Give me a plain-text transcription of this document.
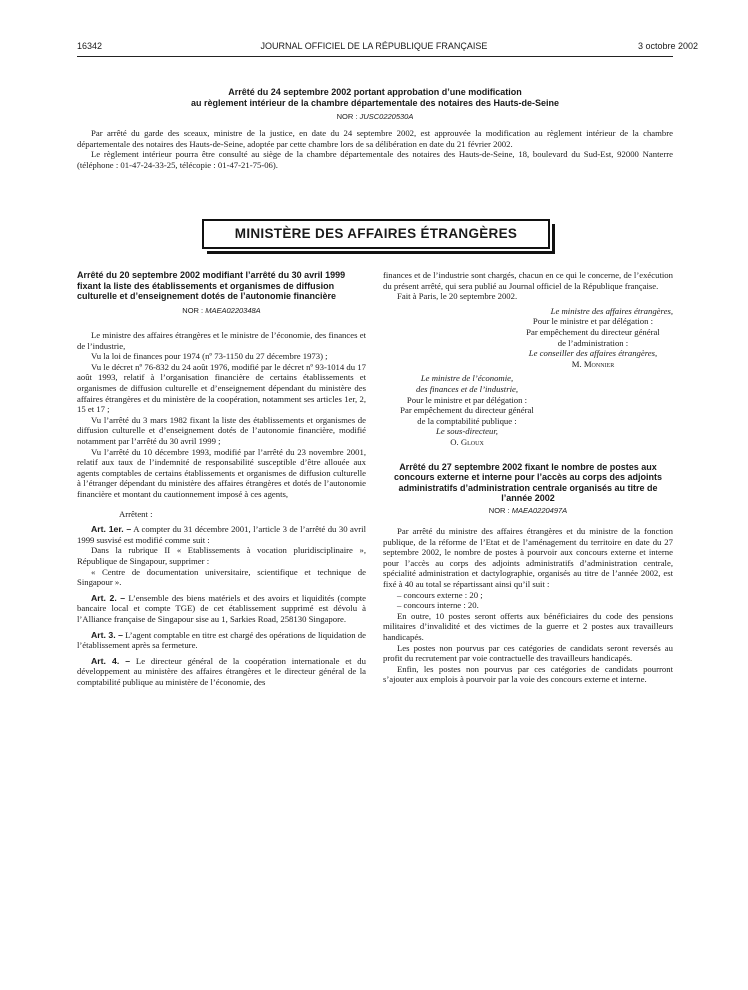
16342	JOURNAL OFFICIEL DE LA RÉPUBLIQUE FRANÇAISE	3 octobre 2002
Arrêté du 24 septembre 2002 portant approbation d’une modification
au règlement intérieur de la chambre départementale des notaires des Hauts-de-Seine
NOR : JUSC0220530A

Par arrêté du garde des sceaux, ministre de la justice, en date du 24 septembre 2002, est approuvée la modification au règlement intérieur de la chambre départementale des notaires des Hauts-de-Seine, adoptée par cette chambre lors de sa délibération en date du 21 février 2002.

Le règlement intérieur pourra être consulté au siège de la chambre départementale des notaires des Hauts-de-Seine, 18, boulevard du Sud-Est, 92000 Nanterre (téléphone : 01-47-24-33-25, télécopie : 01-47-21-75-06).

MINISTÈRE DES AFFAIRES ÉTRANGÈRES

Arrêté du 20 septembre 2002 modifiant l’arrêté du 30 avril 1999 fixant la liste des établissements et organismes de diffusion culturelle et d’enseignement dotés de l’autonomie financière

NOR : MAEA0220348A

Le ministre des affaires étrangères et le ministre de l’économie, des finances et de l’industrie,

Vu la loi de finances pour 1974 (nº 73-1150 du 27 décembre 1973) ;

Vu le décret nº 76-832 du 24 août 1976, modifié par le décret nº 93-1014 du 17 août 1993, relatif à l’organisation financière de certains établissements et organismes de diffusion culturelle et d’enseignement dépendant du ministère des affaires étrangères et du ministère de la coopération, notamment ses articles 1er, 2, 15 et 17 ;

Vu l’arrêté du 3 mars 1982 fixant la liste des établissements et organismes de diffusion culturelle et d’enseignement dotés de l’autonomie financière, modifié notamment par l’arrêté du 30 avril 1999 ;

Vu l’arrêté du 10 décembre 1993, modifié par l’arrêté du 23 novembre 2001, relatif aux taux de l’indemnité de responsabilité susceptible d’être allouée aux agents comptables de certains établissements et organismes de diffusion culturelle à l’étranger dépendant du ministère des affaires étrangères et dotés de l’autonomie financière et montant du cautionnement imposé à ces agents,

Arrêtent :

Art. 1er. – A compter du 31 décembre 2001, l’article 3 de l’arrêté du 30 avril 1999 susvisé est modifié comme suit :

Dans la rubrique II « Etablissements à vocation pluridisciplinaire », République de Singapour, supprimer :

« Centre de documentation universitaire, scientifique et technique de Singapour ».

Art. 2. – L’ensemble des biens matériels et des avoirs et liquidités (compte bancaire local et compte TGE) de cet établissement supprimé est dévolu à l’Alliance française de Singapour sise au 1, Sarkies Road, 258130 Singapore.

Art. 3. – L’agent comptable en titre est chargé des opérations de liquidation de l’établissement après sa fermeture.

Art. 4. – Le directeur général de la coopération internationale et du développement au ministère des affaires étrangères et le directeur général de la comptabilité publique au ministère de l’économie, des

finances et de l’industrie sont chargés, chacun en ce qui le concerne, de l’exécution du présent arrêté, qui sera publié au Journal officiel de la République française.

Fait à Paris, le 20 septembre 2002.

Le ministre des affaires étrangères,

Pour le ministre et par délégation :

Par empêchement du directeur général

de l’administration :

Le conseiller des affaires étrangères,

M. Monnier

Le ministre de l’économie,

des finances et de l’industrie,

Pour le ministre et par délégation :

Par empêchement du directeur général

de la comptabilité publique :

Le sous-directeur,

O. Gloux

Arrêté du 27 septembre 2002 fixant le nombre de postes aux concours externe et interne pour l’accès au corps des adjoints administratifs d’administration centrale organisés au titre de l’année 2002

NOR : MAEA0220497A

Par arrêté du ministre des affaires étrangères et du ministre de la fonction publique, de la réforme de l’Etat et de l’aménagement du territoire en date du 27 septembre 2002, le nombre de postes à pourvoir aux concours externe et interne pour l’accès au corps des adjoints administratifs d’administration centrale, spécialité administration et dactylographie, organisés au titre de l’année 2002, est fixé à 40 au total se répartissant ainsi qu’il suit :

– concours externe : 20 ;

– concours interne : 20.

En outre, 10 postes seront offerts aux bénéficiaires du code des pensions militaires d’invalidité et des victimes de la guerre et 2 postes aux travailleurs handicapés.

Les postes non pourvus par ces catégories de candidats seront reversés au profit du recrutement par voie contractuelle des travailleurs handicapés.

Enfin, les postes non pourvus par ces catégories de candidats pourront s’ajouter aux emplois à pourvoir par la voie des concours externe et interne.
